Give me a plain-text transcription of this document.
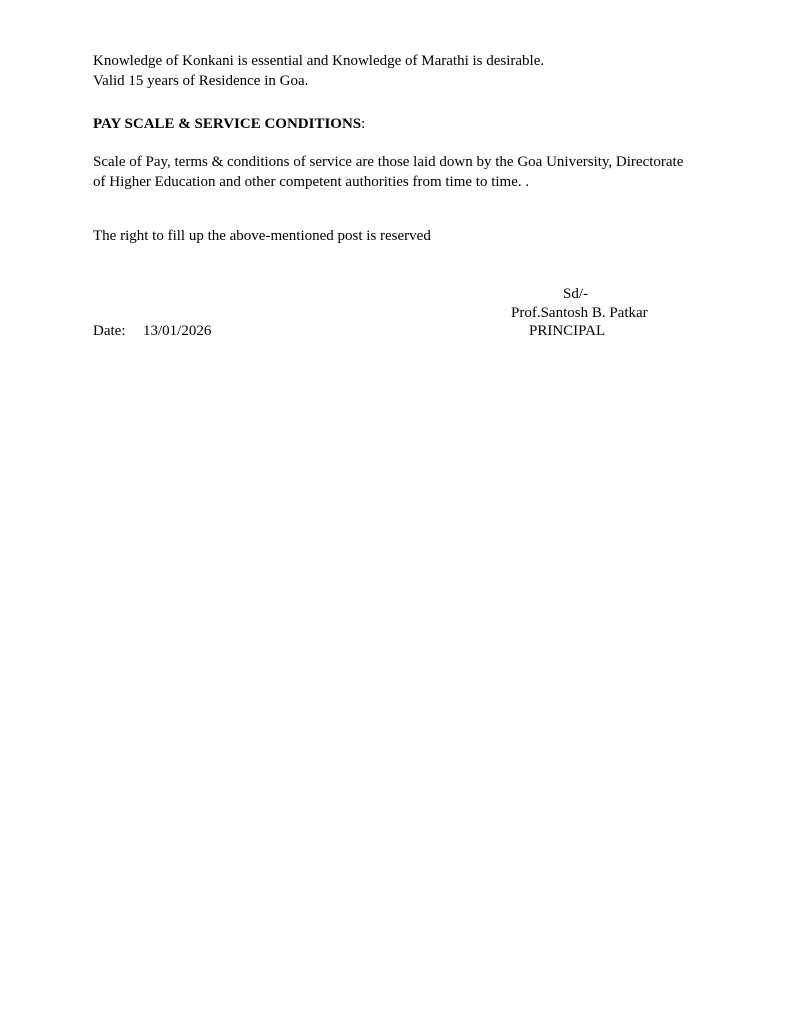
Knowledge of Konkani is essential and Knowledge of Marathi is desirable.
Valid 15 years of Residence in Goa.
PAY SCALE & SERVICE CONDITIONS:
Scale of Pay, terms & conditions of service are those laid down by the Goa University, Directorate
of Higher Education and other competent authorities from time to time. .
The right to fill up the above-mentioned post is reserved
Sd/-
Prof.Santosh B. Patkar
Date: 13/01/2026	PRINCIPAL
